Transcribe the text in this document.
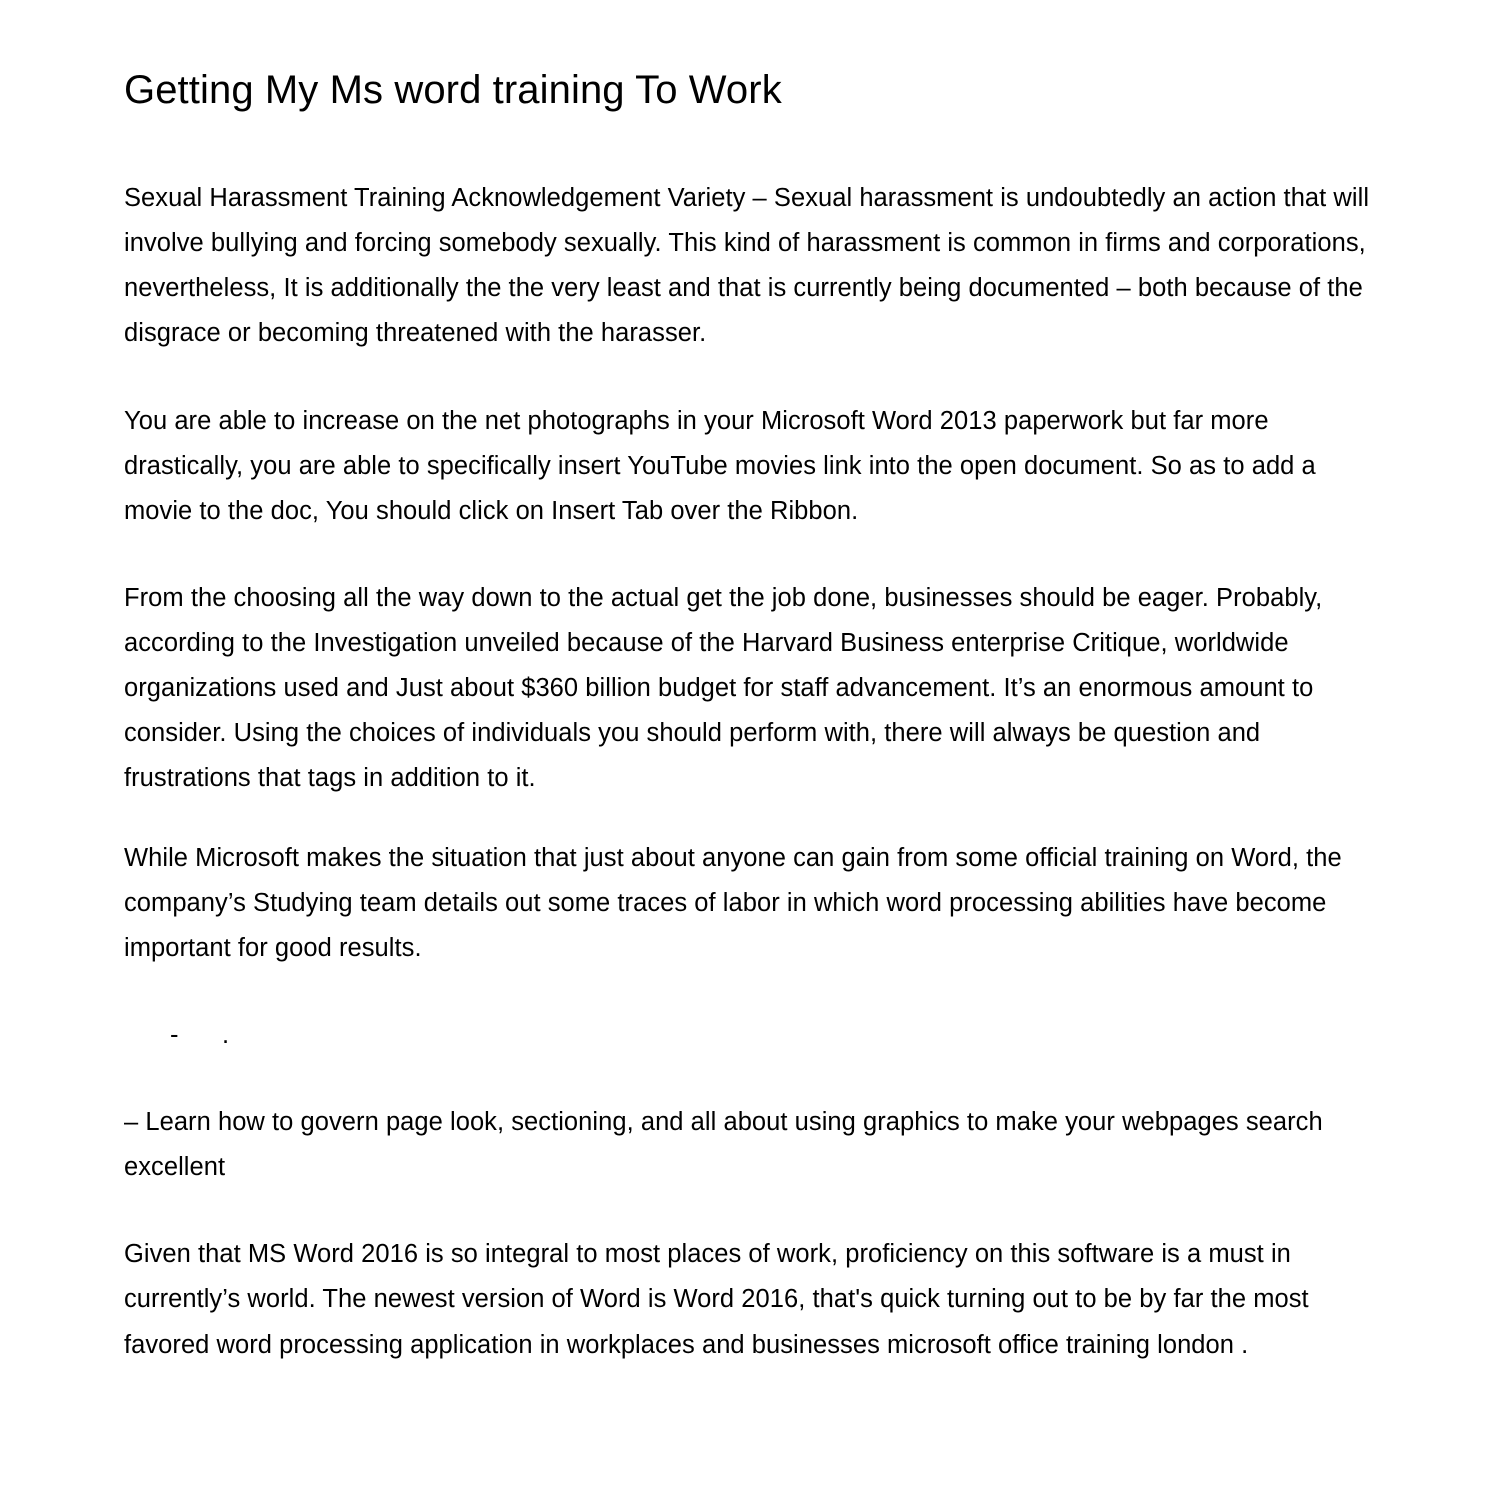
Getting My Ms word training To Work

Sexual Harassment Training Acknowledgement Variety – Sexual harassment is undoubtedly an action that will involve bullying and forcing somebody sexually. This kind of harassment is common in firms and corporations, nevertheless, It is additionally the the very least and that is currently being documented – both because of the disgrace or becoming threatened with the harasser.

You are able to increase on the net photographs in your Microsoft Word 2013 paperwork but far more drastically, you are able to specifically insert YouTube movies link into the open document. So as to add a movie to the doc, You should click on Insert Tab over the Ribbon.

From the choosing all the way down to the actual get the job done, businesses should be eager. Probably, according to the Investigation unveiled because of the Harvard Business enterprise Critique, worldwide organizations used and Just about $360 billion budget for staff advancement. It’s an enormous amount to consider. Using the choices of individuals you should perform with, there will always be question and frustrations that tags in addition to it.

While Microsoft makes the situation that just about anyone can gain from some official training on Word, the company’s Studying team details out some traces of labor in which word processing abilities have become important for good results.

- .

– Learn how to govern page look, sectioning, and all about using graphics to make your webpages search excellent

Given that MS Word 2016 is so integral to most places of work, proficiency on this software is a must in currently’s world. The newest version of Word is Word 2016, that's quick turning out to be by far the most favored word processing application in workplaces and businesses microsoft office training london .
